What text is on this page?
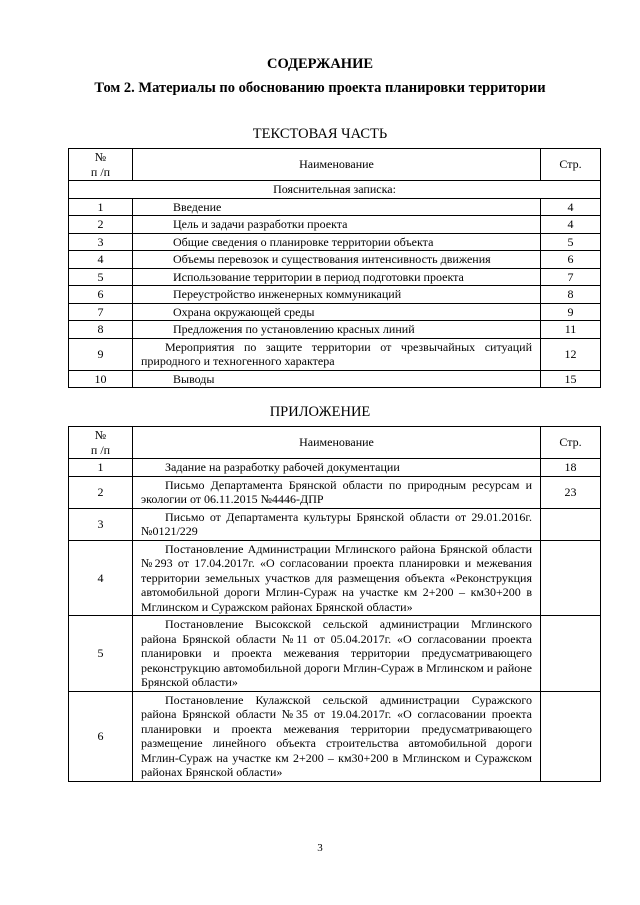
СОДЕРЖАНИЕ
Том 2. Материалы по обоснованию проекта планировки территории
ТЕКСТОВАЯ ЧАСТЬ
№
п /п	Наименование	Стр.
Пояснительная записка:		
1	Введение	4
2	Цель и задачи разработки проекта	4
3	Общие сведения о планировке территории объекта	5
4	Объемы перевозок и существования интенсивность движения	6
5	Использование территории в период подготовки проекта	7
6	Переустройство инженерных коммуникаций	8
7	Охрана окружающей среды	9
8	Предложения по установлению красных линий	11
9	Мероприятия по защите территории от чрезвычайных ситуаций природного и техногенного характера	12
10	Выводы	15
ПРИЛОЖЕНИЕ
№
п /п	Наименование	Стр.
1	Задание на разработку рабочей документации	18
2	Письмо Департамента Брянской области по природным ресурсам и экологии от 06.11.2015 №4446-ДПР	23
3	Письмо от Департамента культуры Брянской области от 29.01.2016г. №0121/229	
4	Постановление Администрации Мглинского района Брянской области №293 от 17.04.2017г. «О согласовании проекта планировки и межевания территории земельных участков для размещения объекта «Реконструкция автомобильной дороги Мглин-Сураж на участке км 2+200 – км30+200 в Мглинском и Суражском районах Брянской области»	
5	Постановление Высокской сельской администрации Мглинского района Брянской области №11 от 05.04.2017г. «О согласовании проекта планировки и проекта межевания территории предусматривающего реконструкцию автомобильной дороги Мглин-Сураж в Мглинском и районе Брянской области»	
6	Постановление Кулажской сельской администрации Суражского района Брянской области №35 от 19.04.2017г. «О согласовании проекта планировки и проекта межевания территории предусматривающего размещение линейного объекта строительства автомобильной дороги Мглин-Сураж на участке км 2+200 – км30+200 в Мглинском и Суражском районах Брянской области»	
3
